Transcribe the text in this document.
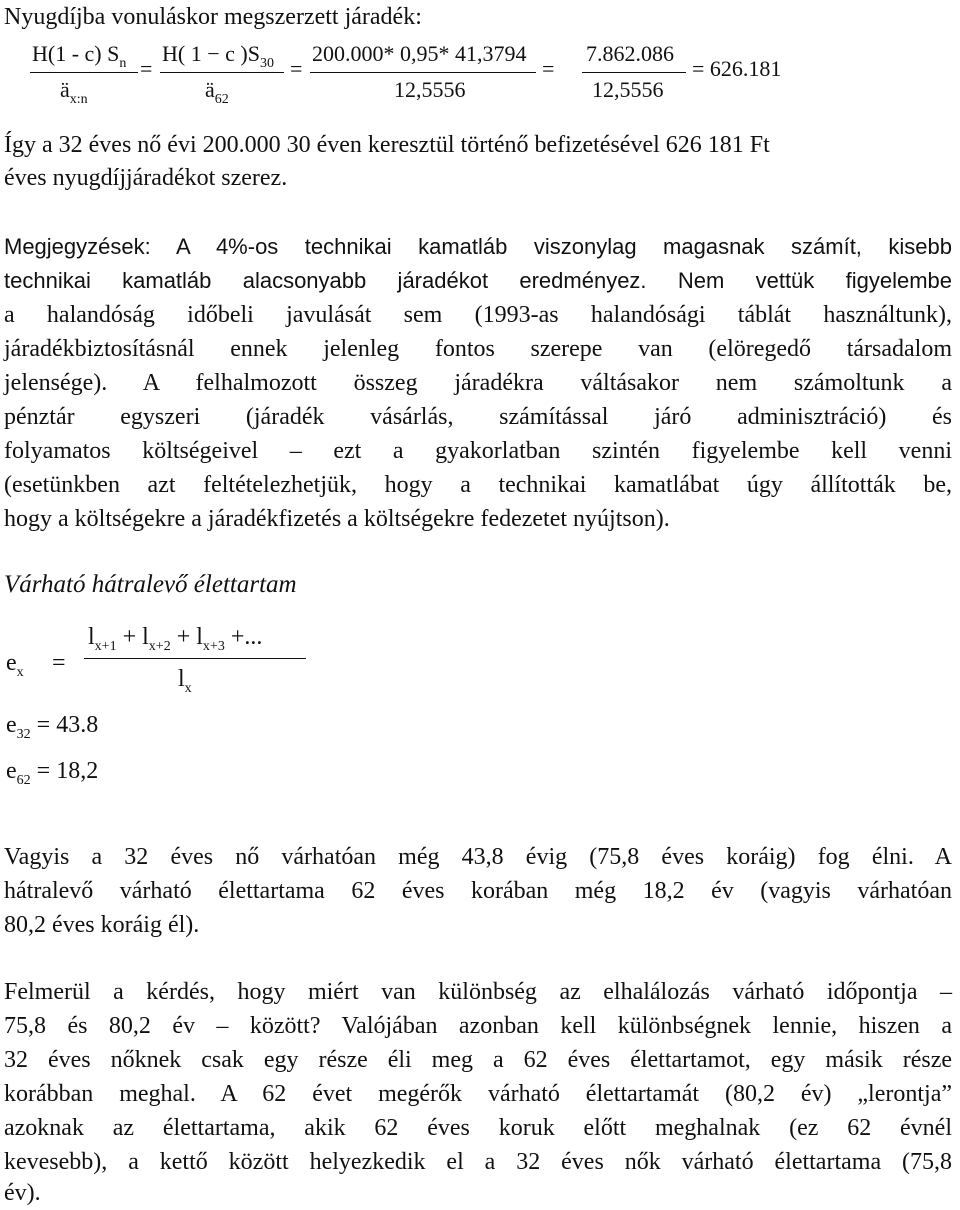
Nyugdíjba vonuláskor megszerzett járadék:
H(1 - c) $S_n$
$ä_{x:n}$
=
H( 1 − c )$S_{30}$
$ä_{62}$
=
200.000* 0,95* 41,3794
12,5556
=
7.862.086
12,5556
= 626.181
Így a 32 éves nő évi 200.000 30 éven keresztül történő befizetésével 626 181 Ft
éves nyugdíjjáradékot szerez.
Megjegyzések: A 4%-os technikai kamatláb viszonylag magasnak számít, kisebb
technikai kamatláb alacsonyabb járadékot eredményez. Nem vettük figyelembe
a halandóság időbeli javulását sem (1993-as halandósági táblát használtunk),
járadékbiztosításnál ennek jelenleg fontos szerepe van (elöregedő társadalom
jelensége). A felhalmozott összeg járadékra váltásakor nem számoltunk a
pénztár egyszeri (járadék vásárlás, számítással járó adminisztráció) és
folyamatos költségeivel – ezt a gyakorlatban szintén figyelembe kell venni
(esetünkben azt feltételezhetjük, hogy a technikai kamatlábat úgy állították be,
hogy a költségekre a járadékfizetés a költségekre fedezetet nyújtson).
Várható hátralevő élettartam
$e_x$ =
$l_{x+1} + l_{x+2} + l_{x+3}$ +...
$l_x$
$e_{32} = 43.8$
$e_{62} = 18,2$
Vagyis a 32 éves nő várhatóan még 43,8 évig (75,8 éves koráig) fog élni. A
hátralevő várható élettartama 62 éves korában még 18,2 év (vagyis várhatóan
80,2 éves koráig él).
Felmerül a kérdés, hogy miért van különbség az elhalálozás várható időpontja –
75,8 és 80,2 év – között? Valójában azonban kell különbségnek lennie, hiszen a
32 éves nőknek csak egy része éli meg a 62 éves élettartamot, egy másik része
korábban meghal. A 62 évet megérők várható élettartamát (80,2 év) „lerontja”
azoknak az élettartama, akik 62 éves koruk előtt meghalnak (ez 62 évnél
kevesebb), a kettő között helyezkedik el a 32 éves nők várható élettartama (75,8
év).
